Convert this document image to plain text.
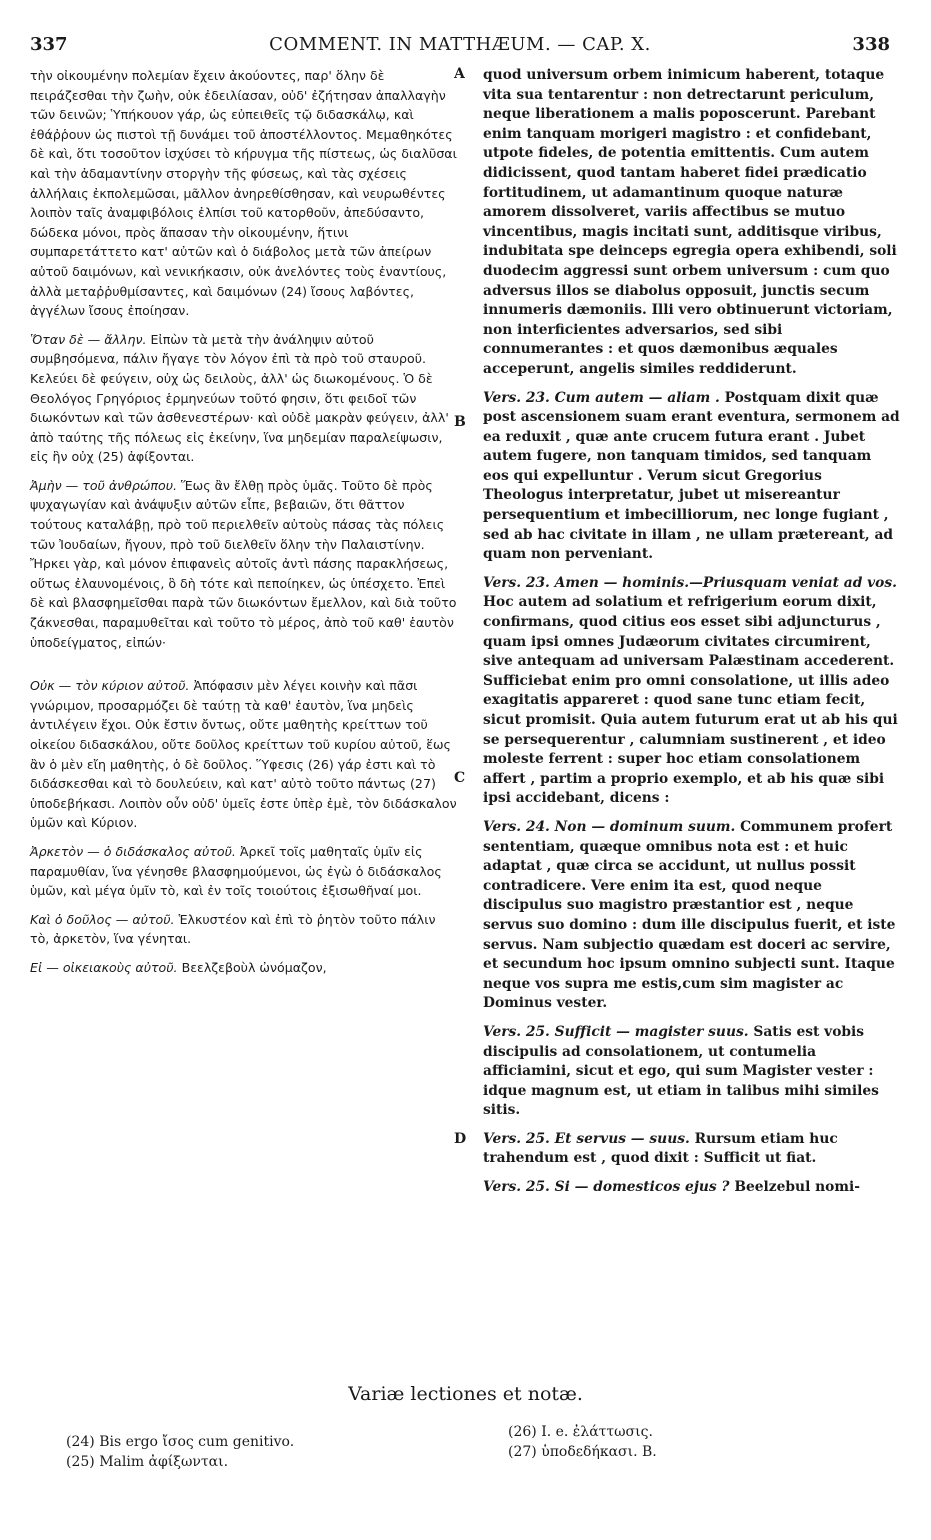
337	COMMENT. IN MATTHÆUM. — CAP. X.	338

τὴν οἰκουμένην πολεμίαν ἔχειν ἀκούοντες, παρ' ὅλην δὲ πειράζεσθαι τὴν ζωὴν, οὐκ ἐδειλίασαν, οὐδ' ἐζήτησαν ἀπαλλαγὴν τῶν δεινῶν; Ὑπήκουον γάρ, ὡς εὐπειθεῖς τῷ διδασκάλῳ, καὶ ἐθάῤῥουν ὡς πιστοὶ τῇ δυνάμει τοῦ ἀποστέλλοντος. Μεμαθηκότες δὲ καὶ, ὅτι τοσοῦτον ἰσχύσει τὸ κήρυγμα τῆς πίστεως, ὡς διαλῦσαι καὶ τὴν ἀδαμαντίνην στοργὴν τῆς φύσεως, καὶ τὰς σχέσεις ἀλλήλαις ἐκπολεμῶσαι, μᾶλλον ἀνηρεθίσθησαν, καὶ νευρωθέντες λοιπὸν ταῖς ἀναμφιβόλοις ἐλπίσι τοῦ κατορθοῦν, ἀπεδύσαντο, δώδεκα μόνοι, πρὸς ἅπασαν τὴν οἰκουμένην, ἥτινι συμπαρετάττετο κατ' αὐτῶν καὶ ὁ διάβολος μετὰ τῶν ἀπείρων αὐτοῦ δαιμόνων, καὶ νενικήκασιν, οὐκ ἀνελόντες τοὺς ἐναντίους, ἀλλὰ μεταῤῥυθμίσαντες, καὶ δαιμόνων (24) ἴσους λαβόντες, ἀγγέλων ἴσους ἐποίησαν.

Ὅταν δὲ — ἄλλην. Εἰπὼν τὰ μετὰ τὴν ἀνάληψιν αὐτοῦ συμβησόμενα, πάλιν ἤγαγε τὸν λόγον ἐπὶ τὰ πρὸ τοῦ σταυροῦ. Κελεύει δὲ φεύγειν, οὐχ ὡς δειλοὺς, ἀλλ' ὡς διωκομένους. Ὁ δὲ Θεολόγος Γρηγόριος ἑρμηνεύων τοῦτό φησιν, ὅτι φειδοῖ τῶν διωκόντων καὶ τῶν ἀσθενεστέρων· καὶ οὐδὲ μακρὰν φεύγειν, ἀλλ' ἀπὸ ταύτης τῆς πόλεως εἰς ἐκείνην, ἵνα μηδεμίαν παραλείψωσιν, εἰς ἣν οὐχ (25) ἀφίξονται.

Ἀμὴν — τοῦ ἀνθρώπου. Ἕως ἂν ἔλθῃ πρὸς ὑμᾶς. Τοῦτο δὲ πρὸς ψυχαγωγίαν καὶ ἀνάψυξιν αὐτῶν εἶπε, βεβαιῶν, ὅτι θᾶττον τούτους καταλάβῃ, πρὸ τοῦ περιελθεῖν αὐτοὺς πάσας τὰς πόλεις τῶν Ἰουδαίων, ἤγουν, πρὸ τοῦ διελθεῖν ὅλην τὴν Παλαιστίνην. Ἤρκει γὰρ, καὶ μόνον ἐπιφανεὶς αὐτοῖς ἀντὶ πάσης παρακλήσεως, οὕτως ἐλαυνομένοις, ὃ δὴ τότε καὶ πεποίηκεν, ὡς ὑπέσχετο. Ἐπεὶ δὲ καὶ βλασφημεῖσθαι παρὰ τῶν διωκόντων ἔμελλον, καὶ διὰ τοῦτο ζάκνεσθαι, παραμυθεῖται καὶ τοῦτο τὸ μέρος, ἀπὸ τοῦ καθ' ἑαυτὸν ὑποδείγματος, εἰπών·

Οὐκ — τὸν κύριον αὐτοῦ. Ἀπόφασιν μὲν λέγει κοινὴν καὶ πᾶσι γνώριμον, προσαρμόζει δὲ ταύτῃ τὰ καθ' ἑαυτὸν, ἵνα μηδεὶς ἀντιλέγειν ἔχοι. Οὐκ ἔστιν ὄντως, οὔτε μαθητὴς κρείττων τοῦ οἰκείου διδασκάλου, οὔτε δοῦλος κρείττων τοῦ κυρίου αὐτοῦ, ἕως ἂν ὁ μὲν εἴη μαθητὴς, ὁ δὲ δοῦλος. Ὕφεσις (26) γάρ ἐστι καὶ τὸ διδάσκεσθαι καὶ τὸ δουλεύειν, καὶ κατ' αὐτὸ τοῦτο πάντως (27) ὑποδεβήκασι. Λοιπὸν οὖν οὐδ' ὑμεῖς ἐστε ὑπὲρ ἐμὲ, τὸν διδάσκαλον ὑμῶν καὶ Κύριον.

Ἀρκετὸν — ὁ διδάσκαλος αὐτοῦ. Ἀρκεῖ τοῖς μαθηταῖς ὑμῖν εἰς παραμυθίαν, ἵνα γένησθε βλασφημούμενοι, ὡς ἐγὼ ὁ διδάσκαλος ὑμῶν, καὶ μέγα ὑμῖν τὸ, καὶ ἐν τοῖς τοιούτοις ἐξισωθῆναί μοι.

Καὶ ὁ δοῦλος — αὐτοῦ. Ἑλκυστέον καὶ ἐπὶ τὸ ῥητὸν τοῦτο πάλιν τὸ, ἀρκετὸν, ἵνα γένηται.

Εἰ — οἰκειακοὺς αὐτοῦ. Βεελζεβοὺλ ὠνόμαζον,

A
B
C
D

quod universum orbem inimicum haberent, totaque vita sua tentarentur : non detrectarunt periculum, neque liberationem a malis poposcerunt. Parebant enim tanquam morigeri magistro : et confidebant, utpote fideles, de potentia emittentis. Cum autem didicissent, quod tantam haberet fidei prædicatio fortitudinem, ut adamantinum quoque naturæ amorem dissolveret, variis affectibus se mutuo vincentibus, magis incitati sunt, additisque viribus, indubitata spe deinceps egregia opera exhibendi, soli duodecim aggressi sunt orbem universum : cum quo adversus illos se diabolus opposuit, junctis secum innumeris dæmoniis. Illi vero obtinuerunt victoriam, non interficientes adversarios, sed sibi connumerantes : et quos dæmonibus æquales acceperunt, angelis similes reddiderunt.

Vers. 23. Cum autem — aliam . Postquam dixit quæ post ascensionem suam erant eventura, sermonem ad ea reduxit , quæ ante crucem futura erant . Jubet autem fugere, non tanquam timidos, sed tanquam eos qui expelluntur . Verum sicut Gregorius Theologus interpretatur, jubet ut misereantur persequentium et imbecilliorum, nec longe fugiant , sed ab hac civitate in illam , ne ullam prætereant, ad quam non perveniant.

Vers. 23. Amen — hominis.—Priusquam veniat ad vos. Hoc autem ad solatium et refrigerium eorum dixit, confirmans, quod citius eos esset sibi adjuncturus , quam ipsi omnes Judæorum civitates circumirent, sive antequam ad universam Palæstinam accederent. Sufficiebat enim pro omni consolatione, ut illis adeo exagitatis appareret : quod sane tunc etiam fecit, sicut promisit. Quia autem futurum erat ut ab his qui se persequerentur , calumniam sustinerent , et ideo moleste ferrent : super hoc etiam consolationem affert , partim a proprio exemplo, et ab his quæ sibi ipsi accidebant, dicens :

Vers. 24. Non — dominum suum. Communem profert sententiam, quæque omnibus nota est : et huic adaptat , quæ circa se accidunt, ut nullus possit contradicere. Vere enim ita est, quod neque discipulus suo magistro præstantior est , neque servus suo domino : dum ille discipulus fuerit, et iste servus. Nam subjectio quædam est doceri ac servire, et secundum hoc ipsum omnino subjecti sunt. Itaque neque vos supra me estis,cum sim magister ac Dominus vester.

Vers. 25. Sufficit — magister suus. Satis est vobis discipulis ad consolationem, ut contumelia afficiamini, sicut et ego, qui sum Magister vester : idque magnum est, ut etiam in talibus mihi similes sitis.

Vers. 25. Et servus — suus. Rursum etiam huc trahendum est , quod dixit : Sufficit ut fiat.

Vers. 25. Si — domesticos ejus ? Beelzebul nomi-

Variæ lectiones et notæ.
(24) Bis ergo ἴσος cum genitivo.
(25) Malim ἀφίξωνται.
(26) I. e. ἐλάττωσις.
(27) ὑποδεδήκασι. B.
